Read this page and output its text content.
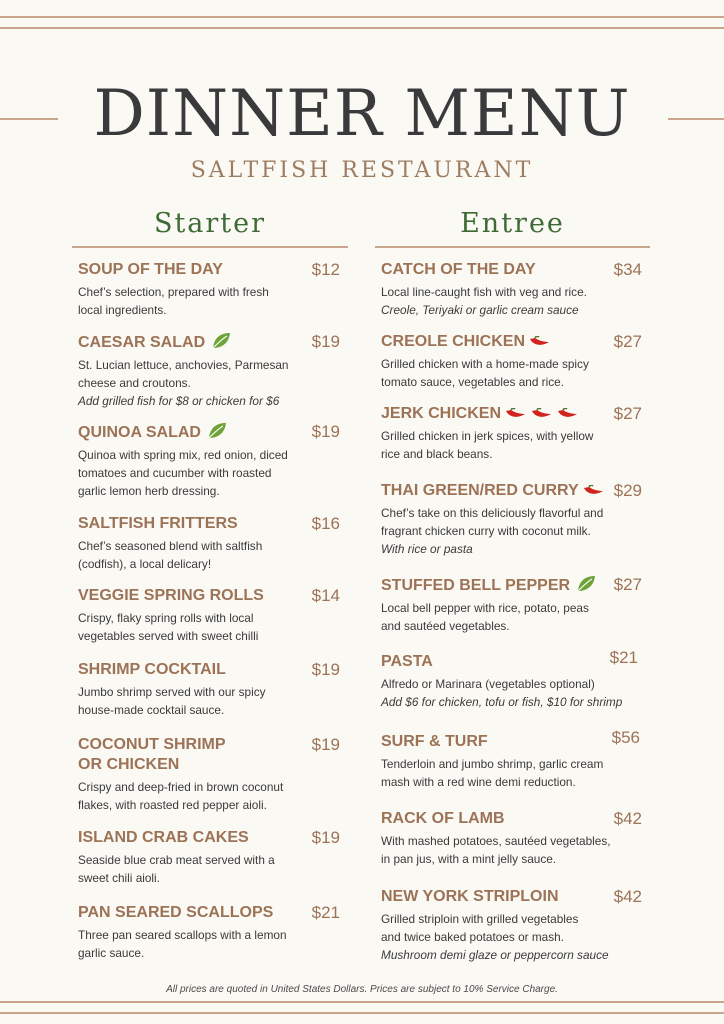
DINNER MENU
SALTFISH RESTAURANT
Starter
SOUP OF THE DAY	$12
Chef’s selection, prepared with fresh
local ingredients.
CAESAR SALAD	$19
St. Lucian lettuce, anchovies, Parmesan
cheese and croutons.
Add grilled fish for $8 or chicken for $6
QUINOA SALAD	$19
Quinoa with spring mix, red onion, diced
tomatoes and cucumber with roasted
garlic lemon herb dressing.
SALTFISH FRITTERS	$16
Chef’s seasoned blend with saltfish
(codfish), a local delicary!
VEGGIE SPRING ROLLS	$14
Crispy, flaky spring rolls with local
vegetables served with sweet chilli
SHRIMP COCKTAIL	$19
Jumbo shrimp served with our spicy
house-made cocktail sauce.
COCONUT SHRIMP
OR CHICKEN
$19
Crispy and deep-fried in brown coconut
flakes, with roasted red pepper aioli.
ISLAND CRAB CAKES	$19
Seaside blue crab meat served with a
sweet chili aioli.
PAN SEARED SCALLOPS	$21
Three pan seared scallops with a lemon
garlic sauce.
Entree
CATCH OF THE DAY	$34
Local line-caught fish with veg and rice.
Creole, Teriyaki or garlic cream sauce
CREOLE CHICKEN	$27
Grilled chicken with a home-made spicy
tomato sauce, vegetables and rice.
JERK CHICKEN	$27
Grilled chicken in jerk spices, with yellow
rice and black beans.
THAI GREEN/RED CURRY	$29
Chef’s take on this deliciously flavorful and
fragrant chicken curry with coconut milk.
With rice or pasta
STUFFED BELL PEPPER	$27
Local bell pepper with rice, potato, peas
and sautéed vegetables.
PASTA	$21
Alfredo or Marinara (vegetables optional)
Add $6 for chicken, tofu or fish, $10 for shrimp
SURF & TURF	$56
Tenderloin and jumbo shrimp, garlic cream
mash with a red wine demi reduction.
RACK OF LAMB	$42
With mashed potatoes, sautéed vegetables,
in pan jus, with a mint jelly sauce.
NEW YORK STRIPLOIN	$42
Grilled striploin with grilled vegetables
and twice baked potatoes or mash.
Mushroom demi glaze or peppercorn sauce
All prices are quoted in United States Dollars. Prices are subject to 10% Service Charge.
